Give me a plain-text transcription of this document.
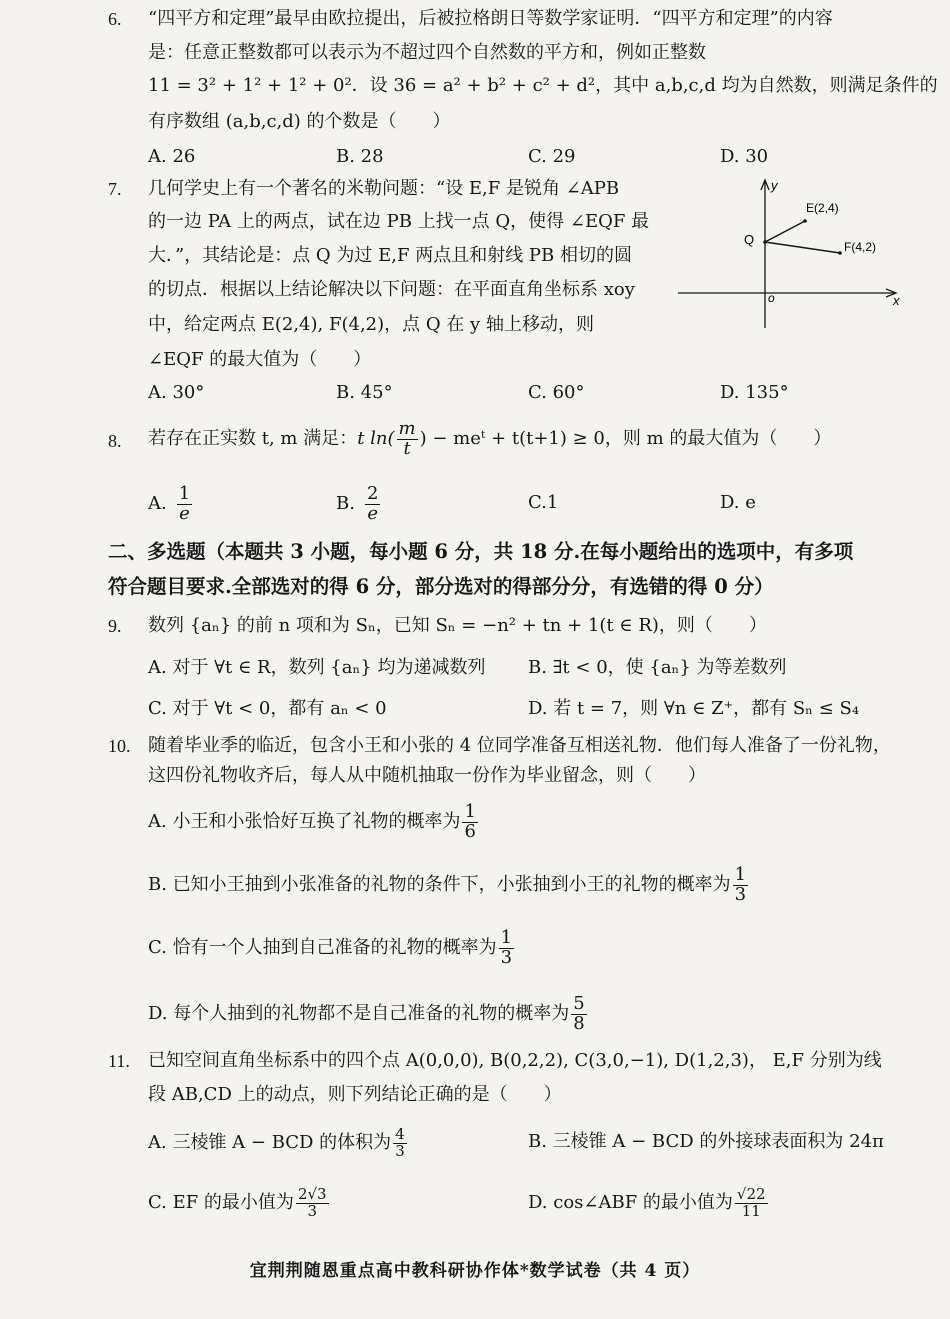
6. “四平方和定理”最早由欧拉提出，后被拉格朗日等数学家证明．“四平方和定理”的内容
是：任意正整数都可以表示为不超过四个自然数的平方和，例如正整数
11 = 3² + 1² + 1² + 0²．设 36 = a² + b² + c² + d²，其中 a,b,c,d 均为自然数，则满足条件的
有序数组 (a,b,c,d) 的个数是（　　）
A. 26	B. 28	C. 29	D. 30
7. 几何学史上有一个著名的米勒问题：“设 E,F 是锐角 ∠APB
的一边 PA 上的两点，试在边 PB 上找一点 Q，使得 ∠EQF 最
大．”，其结论是：点 Q 为过 E,F 两点且和射线 PB 相切的圆
的切点．根据以上结论解决以下问题：在平面直角坐标系 xoy
中，给定两点 E(2,4), F(4,2)，点 Q 在 y 轴上移动，则
∠EQF 的最大值为（　　）
A. 30°	B. 45°	C. 60°	D. 135°
y
x
o
Q
E(2,4)
F(4,2)
8. 若存在正实数 t, m 满足： t $\ln( \frac{m}{t}$ ) − meᵗ + t(t+1) ≥ 0，则 m 的最大值为（　　）
A. $\frac{1}{e}$	B. $\frac{2}{e}$	C.1	D. e
二、多选题（本题共 3 小题，每小题 6 分，共 18 分.在每小题给出的选项中，有多项
符合题目要求.全部选对的得 6 分，部分选对的得部分分，有选错的得 0 分）
9. 数列 {aₙ} 的前 n 项和为 Sₙ，已知 Sₙ = −n² + tn + 1(t ∈ R)，则（　　）
A. 对于 ∀t ∈ R，数列 {aₙ} 均为递减数列 B. ∃t < 0，使 {aₙ} 为等差数列
C. 对于 ∀t < 0，都有 aₙ < 0	D. 若 t = 7，则 ∀n ∈ Z⁺，都有 Sₙ ≤ S₄
10. 随着毕业季的临近，包含小王和小张的 4 位同学准备互相送礼物．他们每人准备了一份礼物，
这四份礼物收齐后，每人从中随机抽取一份作为毕业留念，则（　　）
A. 小王和小张恰好互换了礼物的概率为 $\frac{1}{6}$
B. 已知小王抽到小张准备的礼物的条件下，小张抽到小王的礼物的概率为 $\frac{1}{3}$
C. 恰有一个人抽到自己准备的礼物的概率为 $\frac{1}{3}$
D. 每个人抽到的礼物都不是自己准备的礼物的概率为 $\frac{5}{8}$
11. 已知空间直角坐标系中的四个点 A(0,0,0), B(0,2,2), C(3,0,−1), D(1,2,3)， E,F 分别为线
段 AB,CD 上的动点，则下列结论正确的是（　　）
A. 三棱锥 A − BCD 的体积为 $\frac{4}{3}$	B. 三棱锥 A − BCD 的外接球表面积为 24π
C. EF 的最小值为 $\frac{2√3}{3}$	D. cos∠ABF 的最小值为 $\frac{√22}{11}$
宜荆荆随恩重点高中教科研协作体*数学试卷（共 4 页）
